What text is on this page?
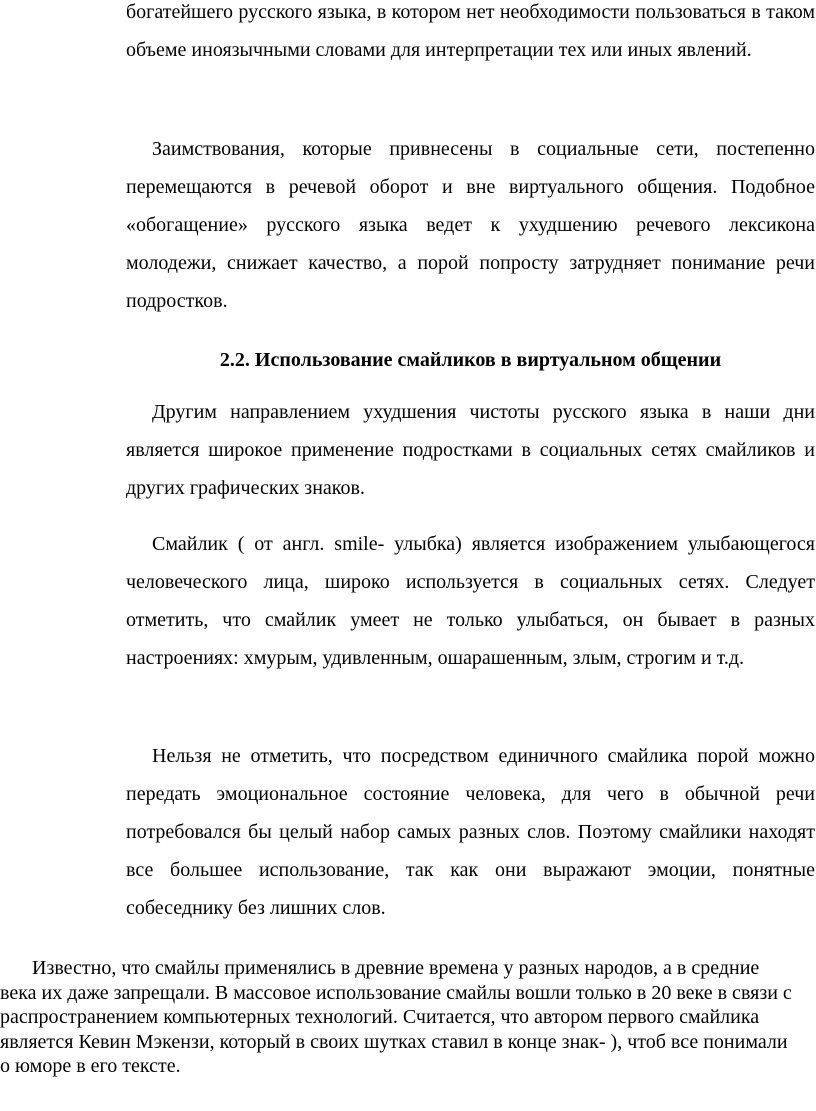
богатейшего русского языка, в котором нет необходимости пользоваться в таком объеме иноязычными словами для интерпретации тех или иных явлений.

Заимствования, которые привнесены в социальные сети, постепенно перемещаются в речевой оборот и вне виртуального общения. Подобное «обогащение» русского языка ведет к ухудшению речевого лексикона молодежи, снижает качество, а порой попросту затрудняет понимание речи подростков.

2.2. Использование смайликов в виртуальном общении

Другим направлением ухудшения чистоты русского языка в наши дни является широкое применение подростками в социальных сетях смайликов и других графических знаков.

Смайлик ( от англ. smile- улыбка) является изображением улыбающегося человеческого лица, широко используется в социальных сетях. Следует отметить, что смайлик умеет не только улыбаться, он бывает в разных настроениях: хмурым, удивленным, ошарашенным, злым, строгим и т.д.

Нельзя не отметить, что посредством единичного смайлика порой можно передать эмоциональное состояние человека, для чего в обычной речи потребовался бы целый набор самых разных слов. Поэтому смайлики находят все большее использование, так как они выражают эмоции, понятные собеседнику без лишних слов.

Известно, что смайлы применялись в древние времена у разных народов, а в средние века их даже запрещали. В массовое использование смайлы вошли только в 20 веке в связи с распространением компьютерных технологий. Считается, что автором первого смайлика является Кевин Мэкензи, который в своих шутках ставил в конце знак- ), чтоб все понимали о юморе в его тексте.
